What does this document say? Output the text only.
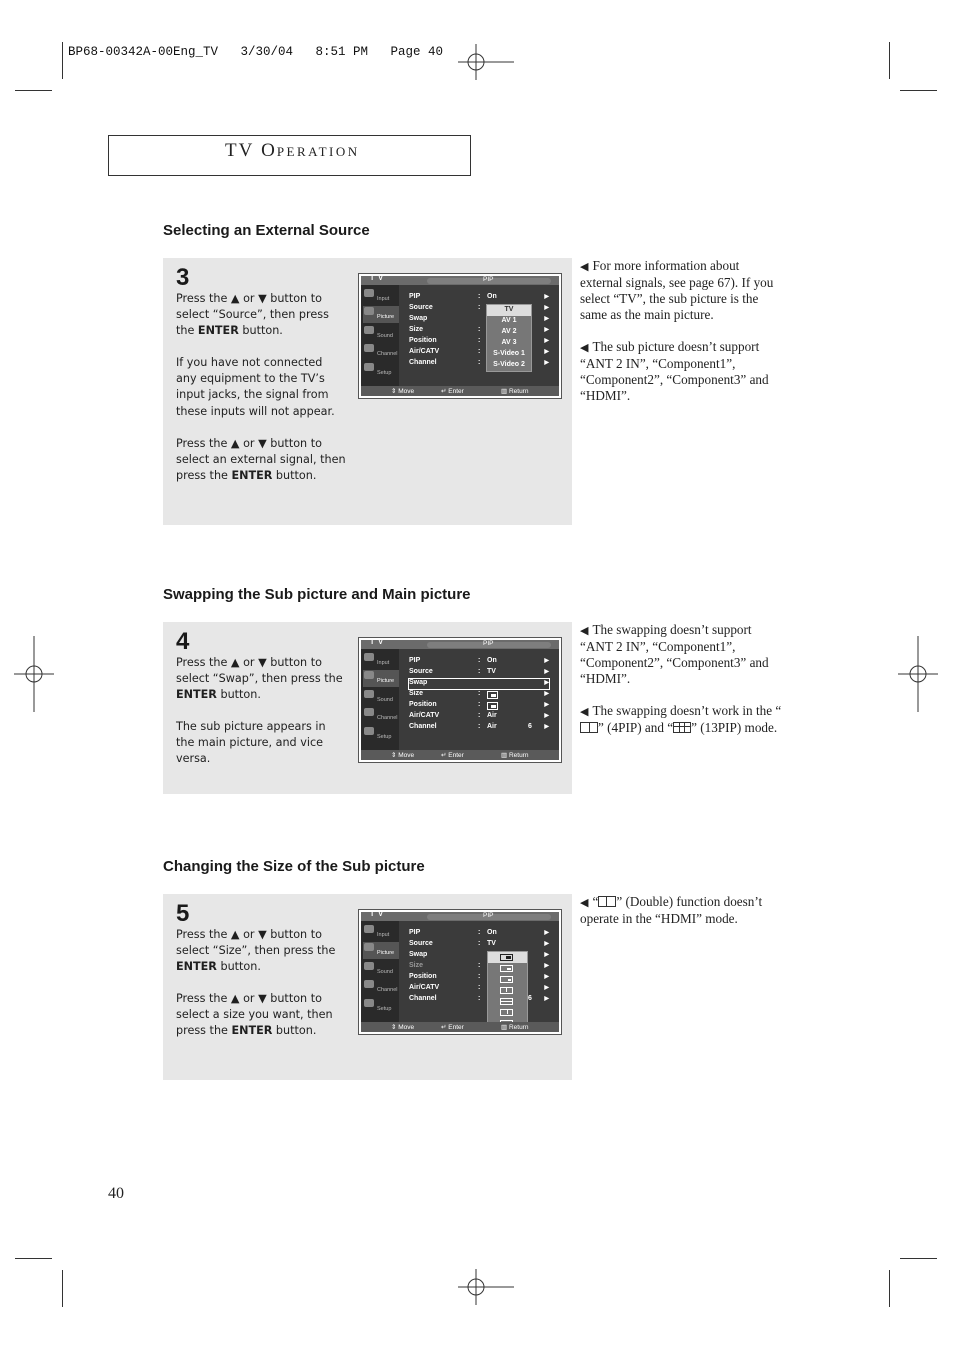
BP68-00342A-00Eng_TV   3/30/04   8:51 PM   Page 40
TV OPERATION
Selecting an External Source
3

Press the ▲ or ▼ button to select “Source”, then press the ENTER button.

If you have not connected any equipment to the TV’s input jacks, the signal from these inputs will not appear.

Press the ▲ or ▼ button to select an external signal, then press the ENTER button.

T V	PIP
Input
Picture
Sound
Channel
Setup
PIP	: On	▶
Source	:	▶
Swap	▶
Size	:	▶
Position	:	▶
Air/CATV	:	▶
Channel	:	▶
TV
AV 1
AV 2
AV 3
S-Video 1
S-Video 2
⇕ Move	↵ Enter	▥ Return

◀ For more information about external signals, see page 67). If you select “TV”, the sub picture is the same as the main picture.

◀ The sub picture doesn’t support “ANT 2 IN”, “Component1”, “Component2”, “Component3” and “HDMI”.

Swapping the Sub picture and Main picture
4

Press the ▲ or ▼ button to select “Swap”, then press the ENTER button.

The sub picture appears in the main picture, and vice versa.

T V	PIP
Input
Picture
Sound
Channel
Setup
PIP	: On	▶
Source	: TV	▶
Swap	▶
Size	:	▶
Position	:	▶
Air/CATV	: Air	▶
Channel	: Air	6 ▶
⇕ Move	↵ Enter	▥ Return

◀ The swapping doesn’t support “ANT 2 IN”, “Component1”, “Component2”, “Component3” and “HDMI”.

◀ The swapping doesn’t work in the “
” (4PIP) and “ ” (13PIP) mode.

Changing the Size of the Sub picture
5

Press the ▲ or ▼ button to select “Size”, then press the ENTER button.

Press the ▲ or ▼ button to select a size you want, then press the ENTER button.

T V	PIP
Input
Picture
Sound
Channel
Setup
PIP	: On	▶
Source	: TV	▶
Swap	▶
Size	:	▶
Position	:	▶
Air/CATV	:	▶
Channel	:	6 ▶
⇕ Move	↵ Enter	▥ Return

◀ “ ” (Double) function doesn’t operate in the “HDMI” mode.

40
